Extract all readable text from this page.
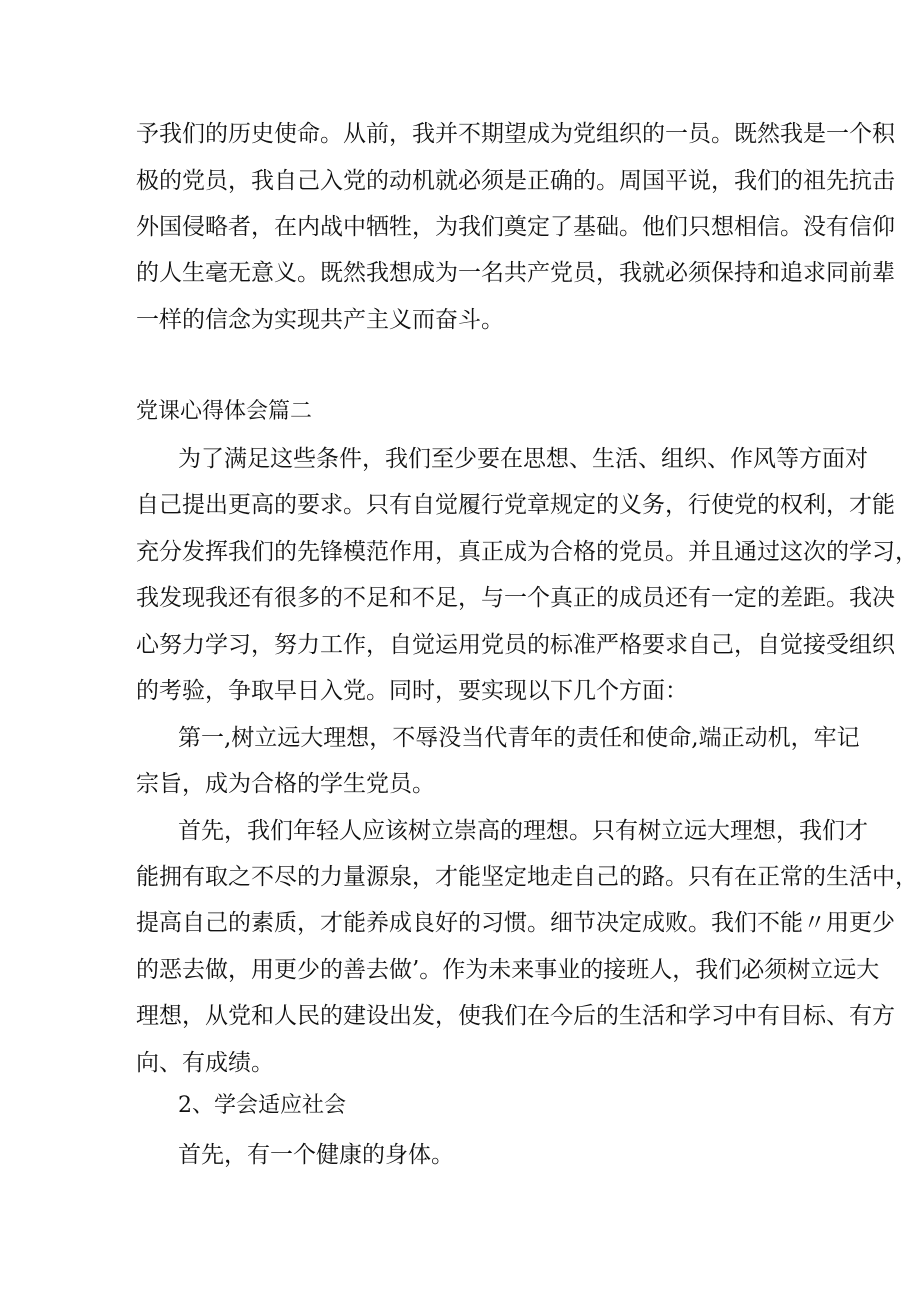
予我们的历史使命。从前，我并不期望成为党组织的一员。既然我是一个积
极的党员，我自己入党的动机就必须是正确的。周国平说，我们的祖先抗击
外国侵略者，在内战中牺牲，为我们奠定了基础。他们只想相信。没有信仰
的人生毫无意义。既然我想成为一名共产党员，我就必须保持和追求同前辈
一样的信念为实现共产主义而奋斗。
党课心得体会篇二
为了满足这些条件，我们至少要在思想、生活、组织、作风等方面对
自己提出更高的要求。只有自觉履行党章规定的义务，行使党的权利，才能
充分发挥我们的先锋模范作用，真正成为合格的党员。并且通过这次的学习，
我发现我还有很多的不足和不足，与一个真正的成员还有一定的差距。我决
心努力学习，努力工作，自觉运用党员的标准严格要求自己，自觉接受组织
的考验，争取早日入党。同时，要实现以下几个方面：
第一,树立远大理想，不辱没当代青年的责任和使命,端正动机，牢记
宗旨，成为合格的学生党员。
首先，我们年轻人应该树立崇高的理想。只有树立远大理想，我们才
能拥有取之不尽的力量源泉，才能坚定地走自己的路。只有在正常的生活中，
提高自己的素质，才能养成良好的习惯。细节决定成败。我们不能〃用更少
的恶去做，用更少的善去做’。作为未来事业的接班人，我们必须树立远大
理想，从党和人民的建设出发，使我们在今后的生活和学习中有目标、有方
向、有成绩。
2、学会适应社会
首先，有一个健康的身体。
